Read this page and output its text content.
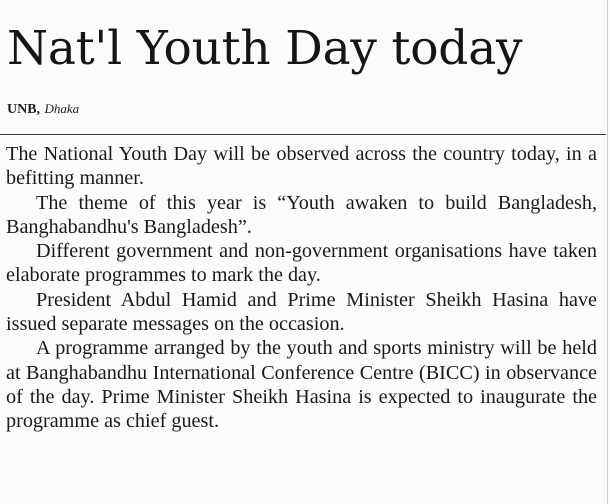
Nat'l Youth Day today
UNB, Dhaka

The National Youth Day will be observed across the country today, in a befitting manner.

The theme of this year is “Youth awaken to build Bangladesh, Banghabandhu's Bangladesh”.

Different government and non-government organisations have taken elaborate programmes to mark the day.

President Abdul Hamid and Prime Minister Sheikh Hasina have issued separate messages on the occasion.

A programme arranged by the youth and sports ministry will be held at Banghabandhu International Conference Centre (BICC) in observance of the day. Prime Minister Sheikh Hasina is expected to inaugurate the programme as chief guest.
